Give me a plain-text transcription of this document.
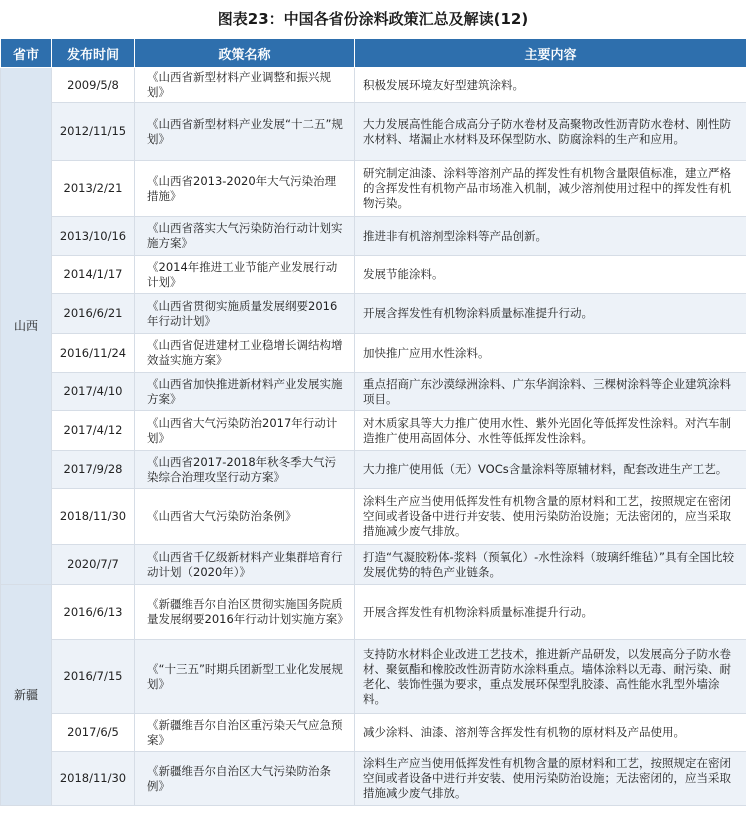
图表23：中国各省份涂料政策汇总及解读(12)
省市	发布时间	政策名称	主要内容
山西	2009/5/8	《山西省新型材料产业调整和振兴规划》	积极发展环境友好型建筑涂料。
	2012/11/15	《山西省新型材料产业发展“十二五”规划》	大力发展高性能合成高分子防水卷材及高聚物改性沥青防水卷材、刚性防水材料、堵漏止水材料及环保型防水、防腐涂料的生产和应用。
	2013/2/21	《山西省2013-2020年大气污染治理措施》	研究制定油漆、涂料等溶剂产品的挥发性有机物含量限值标准，建立严格的含挥发性有机物产品市场准入机制，减少溶剂使用过程中的挥发性有机物污染。
	2013/10/16	《山西省落实大气污染防治行动计划实施方案》	推进非有机溶剂型涂料等产品创新。
	2014/1/17	《2014年推进工业节能产业发展行动计划》	发展节能涂料。
	2016/6/21	《山西省贯彻实施质量发展纲要2016年行动计划》	开展含挥发性有机物涂料质量标准提升行动。
	2016/11/24	《山西省促进建材工业稳增长调结构增效益实施方案》	加快推广应用水性涂料。
	2017/4/10	《山西省加快推进新材料产业发展实施方案》	重点招商广东沙漠绿洲涂料、广东华润涂料、三棵树涂料等企业建筑涂料项目。
	2017/4/12	《山西省大气污染防治2017年行动计划》	对木质家具等大力推广使用水性、紫外光固化等低挥发性涂料。对汽车制造推广使用高固体分、水性等低挥发性涂料。
	2017/9/28	《山西省2017-2018年秋冬季大气污染综合治理攻坚行动方案》	大力推广使用低（无）VOCs含量涂料等原辅材料，配套改进生产工艺。
	2018/11/30	《山西省大气污染防治条例》	涂料生产应当使用低挥发性有机物含量的原材料和工艺，按照规定在密闭空间或者设备中进行并安装、使用污染防治设施；无法密闭的，应当采取措施减少废气排放。
	2020/7/7	《山西省千亿级新材料产业集群培育行动计划（2020年）》	打造“气凝胶粉体-浆料（预氧化）-水性涂料（玻璃纤维毡）”具有全国比较发展优势的特色产业链条。
新疆	2016/6/13	《新疆维吾尔自治区贯彻实施国务院质量发展纲要2016年行动计划实施方案》	开展含挥发性有机物涂料质量标准提升行动。
	2016/7/15	《“十三五”时期兵团新型工业化发展规划》	支持防水材料企业改进工艺技术，推进新产品研发，以发展高分子防水卷材、聚氨酯和橡胶改性沥青防水涂料重点。墙体涂料以无毒、耐污染、耐老化、装饰性强为要求，重点发展环保型乳胶漆、高性能水乳型外墙涂料。
	2017/6/5	《新疆维吾尔自治区重污染天气应急预案》	减少涂料、油漆、溶剂等含挥发性有机物的原材料及产品使用。
	2018/11/30	《新疆维吾尔自治区大气污染防治条例》	涂料生产应当使用低挥发性有机物含量的原材料和工艺，按照规定在密闭空间或者设备中进行并安装、使用污染防治设施；无法密闭的，应当采取措施减少废气排放。
